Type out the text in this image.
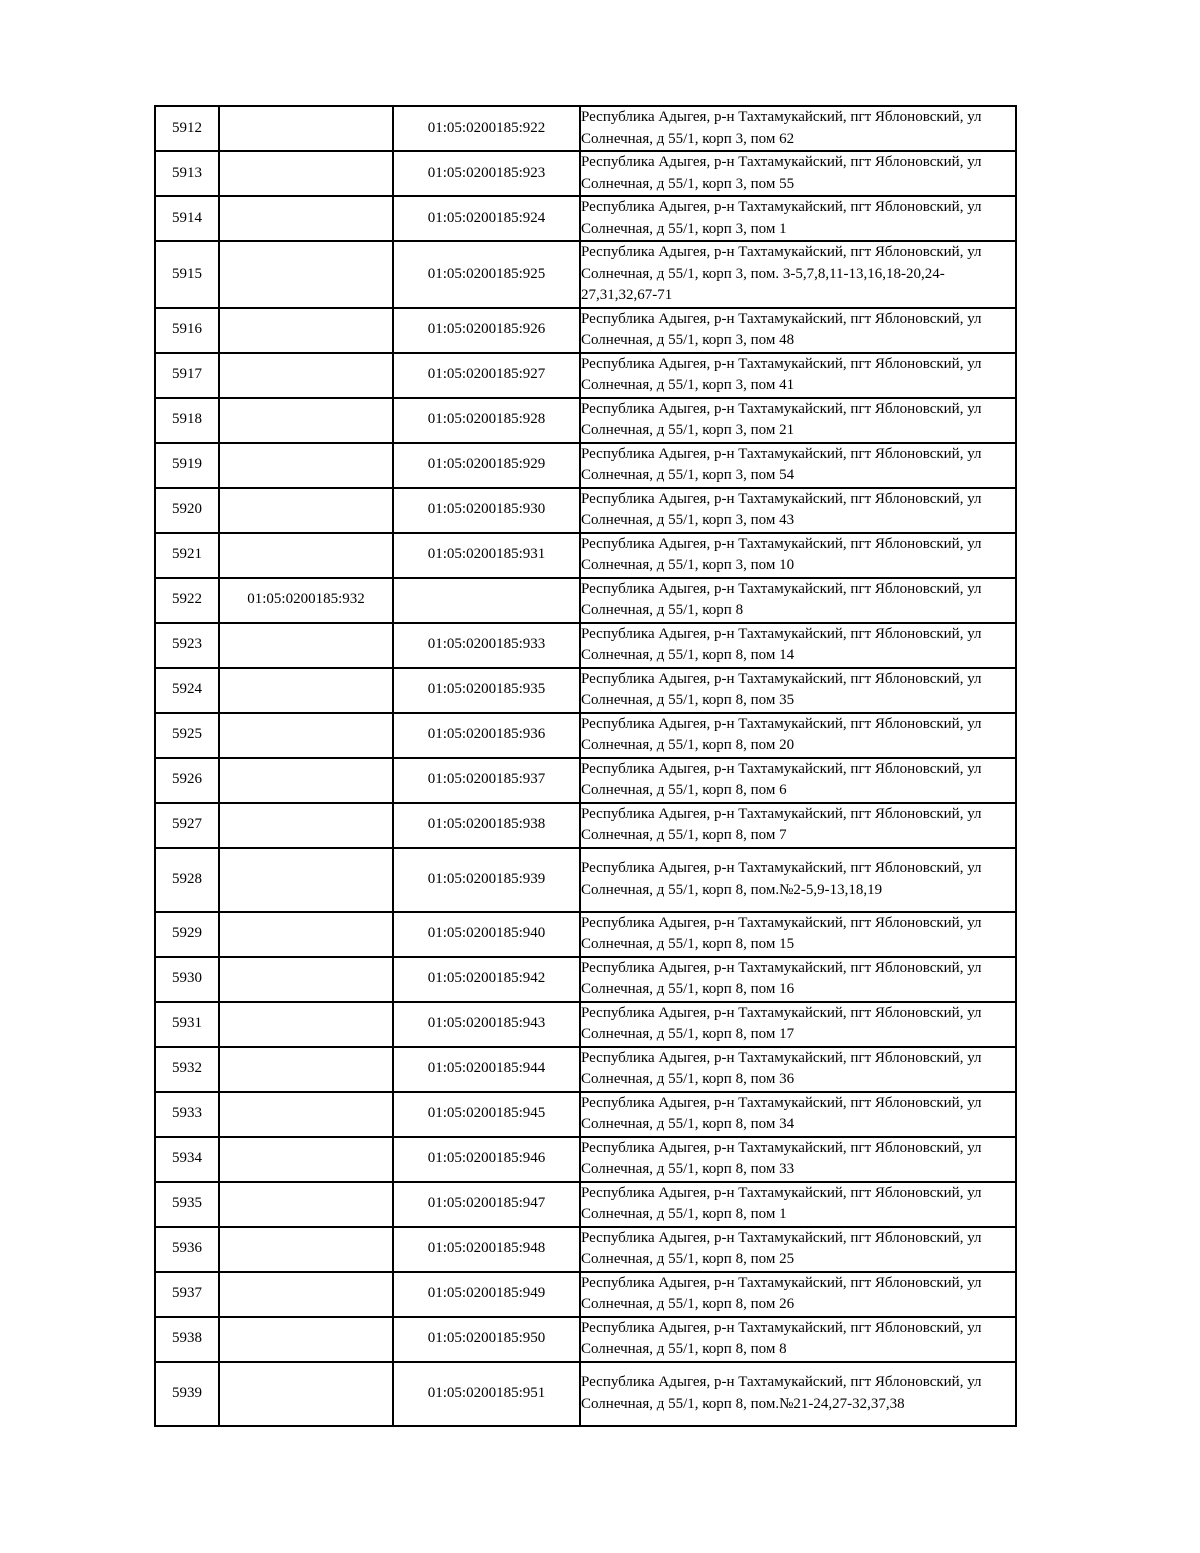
5912		01:05:0200185:922	Республика Адыгея, р-н Тахтамукайский, пгт Яблоновский, ул Солнечная, д 55/1, корп 3, пом 62

5913		01:05:0200185:923	Республика Адыгея, р-н Тахтамукайский, пгт Яблоновский, ул Солнечная, д 55/1, корп 3, пом 55

5914		01:05:0200185:924	Республика Адыгея, р-н Тахтамукайский, пгт Яблоновский, ул Солнечная, д 55/1, корп 3, пом 1

5915		01:05:0200185:925	Республика Адыгея, р-н Тахтамукайский, пгт Яблоновский, ул Солнечная, д 55/1, корп 3, пом. 3-5,7,8,11-13,16,18-20,24-27,31,32,67-71

5916		01:05:0200185:926	Республика Адыгея, р-н Тахтамукайский, пгт Яблоновский, ул Солнечная, д 55/1, корп 3, пом 48

5917		01:05:0200185:927	Республика Адыгея, р-н Тахтамукайский, пгт Яблоновский, ул Солнечная, д 55/1, корп 3, пом 41

5918		01:05:0200185:928	Республика Адыгея, р-н Тахтамукайский, пгт Яблоновский, ул Солнечная, д 55/1, корп 3, пом 21

5919		01:05:0200185:929	Республика Адыгея, р-н Тахтамукайский, пгт Яблоновский, ул Солнечная, д 55/1, корп 3, пом 54

5920		01:05:0200185:930	Республика Адыгея, р-н Тахтамукайский, пгт Яблоновский, ул Солнечная, д 55/1, корп 3, пом 43

5921		01:05:0200185:931	Республика Адыгея, р-н Тахтамукайский, пгт Яблоновский, ул Солнечная, д 55/1, корп 3, пом 10

5922	01:05:0200185:932		Республика Адыгея, р-н Тахтамукайский, пгт Яблоновский, ул Солнечная, д 55/1, корп 8

5923		01:05:0200185:933	Республика Адыгея, р-н Тахтамукайский, пгт Яблоновский, ул Солнечная, д 55/1, корп 8, пом 14

5924		01:05:0200185:935	Республика Адыгея, р-н Тахтамукайский, пгт Яблоновский, ул Солнечная, д 55/1, корп 8, пом 35

5925		01:05:0200185:936	Республика Адыгея, р-н Тахтамукайский, пгт Яблоновский, ул Солнечная, д 55/1, корп 8, пом 20

5926		01:05:0200185:937	Республика Адыгея, р-н Тахтамукайский, пгт Яблоновский, ул Солнечная, д 55/1, корп 8, пом 6

5927		01:05:0200185:938	Республика Адыгея, р-н Тахтамукайский, пгт Яблоновский, ул Солнечная, д 55/1, корп 8, пом 7

5928		01:05:0200185:939	Республика Адыгея, р-н Тахтамукайский, пгт Яблоновский, ул Солнечная, д 55/1, корп 8, пом.№2-5,9-13,18,19

5929		01:05:0200185:940	Республика Адыгея, р-н Тахтамукайский, пгт Яблоновский, ул Солнечная, д 55/1, корп 8, пом 15

5930		01:05:0200185:942	Республика Адыгея, р-н Тахтамукайский, пгт Яблоновский, ул Солнечная, д 55/1, корп 8, пом 16

5931		01:05:0200185:943	Республика Адыгея, р-н Тахтамукайский, пгт Яблоновский, ул Солнечная, д 55/1, корп 8, пом 17

5932		01:05:0200185:944	Республика Адыгея, р-н Тахтамукайский, пгт Яблоновский, ул Солнечная, д 55/1, корп 8, пом 36

5933		01:05:0200185:945	Республика Адыгея, р-н Тахтамукайский, пгт Яблоновский, ул Солнечная, д 55/1, корп 8, пом 34

5934		01:05:0200185:946	Республика Адыгея, р-н Тахтамукайский, пгт Яблоновский, ул Солнечная, д 55/1, корп 8, пом 33

5935		01:05:0200185:947	Республика Адыгея, р-н Тахтамукайский, пгт Яблоновский, ул Солнечная, д 55/1, корп 8, пом 1

5936		01:05:0200185:948	Республика Адыгея, р-н Тахтамукайский, пгт Яблоновский, ул Солнечная, д 55/1, корп 8, пом 25

5937		01:05:0200185:949	Республика Адыгея, р-н Тахтамукайский, пгт Яблоновский, ул Солнечная, д 55/1, корп 8, пом 26

5938		01:05:0200185:950	Республика Адыгея, р-н Тахтамукайский, пгт Яблоновский, ул Солнечная, д 55/1, корп 8, пом 8

5939		01:05:0200185:951	Республика Адыгея, р-н Тахтамукайский, пгт Яблоновский, ул Солнечная, д 55/1, корп 8, пом.№21-24,27-32,37,38
